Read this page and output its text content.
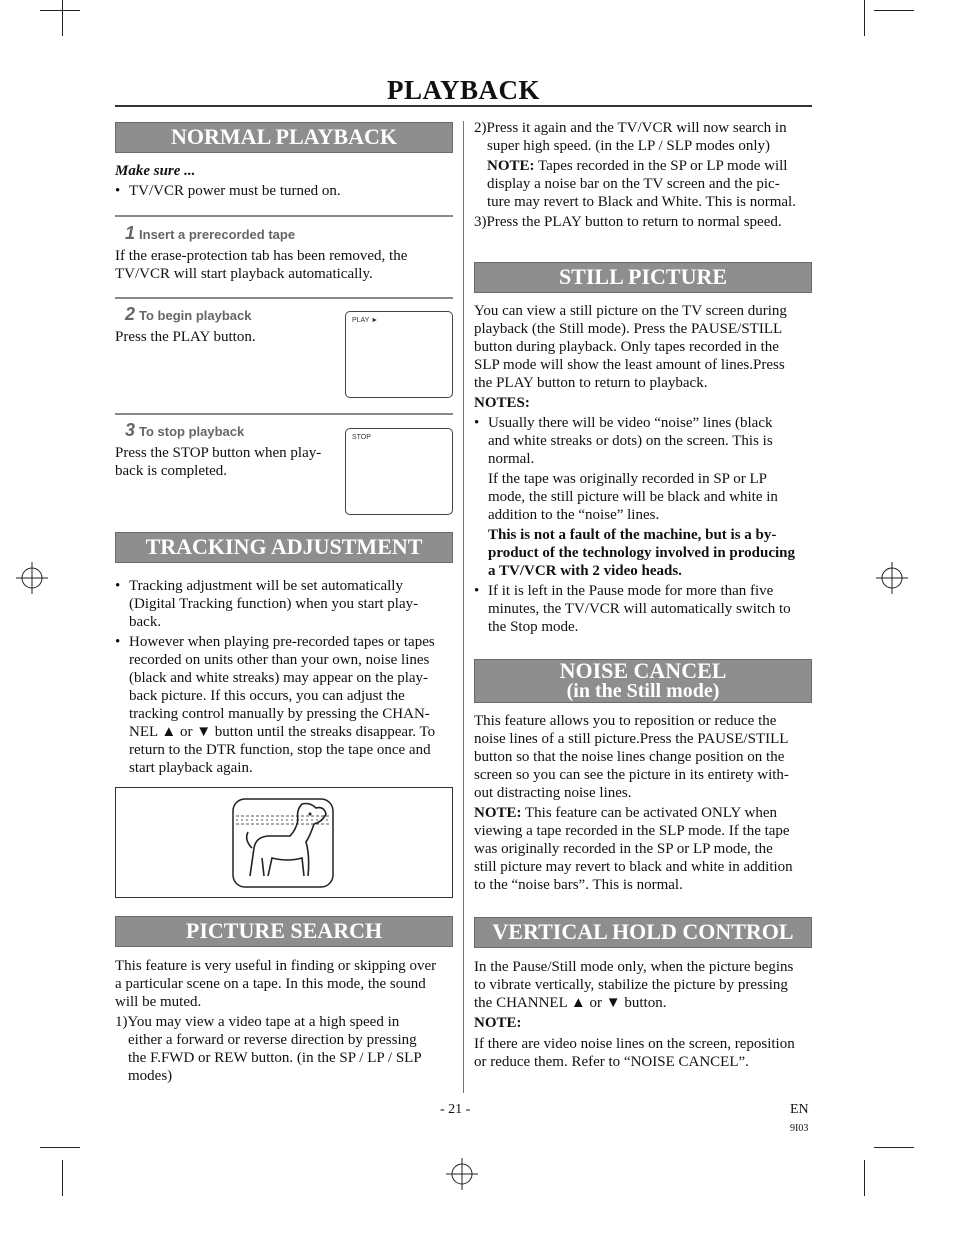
PLAYBACK
NORMAL PLAYBACK
Make sure ...
• TV/VCR power must be turned on.
1 Insert a prerecorded tape
If the erase-protection tab has been removed, the
TV/VCR will start playback automatically.
2 To begin playback
Press the PLAY button.
PLAY ►
3 To stop playback
Press the STOP button when play-
back is completed.
STOP
TRACKING ADJUSTMENT
• Tracking adjustment will be set automatically
(Digital Tracking function) when you start play-
back.
• However when playing pre-recorded tapes or tapes
recorded on units other than your own, noise lines
(black and white streaks) may appear on the play-
back picture. If this occurs, you can adjust the
tracking control manually by pressing the CHAN-
NEL ▲ or ▼ button until the streaks disappear. To
return to the DTR function, stop the tape once and
start playback again.
PICTURE SEARCH
This feature is very useful in finding or skipping over
a particular scene on a tape. In this mode, the sound
will be muted.
1)You may view a video tape at a high speed in
either a forward or reverse direction by pressing
the F.FWD or REW button. (in the SP / LP / SLP
modes)
2)Press it again and the TV/VCR will now search in
super high speed. (in the LP / SLP modes only)
NOTE: Tapes recorded in the SP or LP mode will
display a noise bar on the TV screen and the pic-
ture may revert to Black and White. This is normal.
3)Press the PLAY button to return to normal speed.
STILL PICTURE
You can view a still picture on the TV screen during
playback (the Still mode). Press the PAUSE/STILL
button during playback. Only tapes recorded in the
SLP mode will show the least amount of lines.Press
the PLAY button to return to playback.
NOTES:
• Usually there will be video “noise” lines (black
and white streaks or dots) on the screen. This is
normal.
If the tape was originally recorded in SP or LP
mode, the still picture will be black and white in
addition to the “noise” lines.
This is not a fault of the machine, but is a by-
product of the technology involved in producing
a TV/VCR with 2 video heads.
• If it is left in the Pause mode for more than five
minutes, the TV/VCR will automatically switch to
the Stop mode.
NOISE CANCEL
(in the Still mode)
This feature allows you to reposition or reduce the
noise lines of a still picture.Press the PAUSE/STILL
button so that the noise lines change position on the
screen so you can see the picture in its entirety with-
out distracting noise lines.
NOTE: This feature can be activated ONLY when
viewing a tape recorded in the SLP mode. If the tape
was originally recorded in the SP or LP mode, the
still picture may revert to black and white in addition
to the “noise bars”. This is normal.
VERTICAL HOLD CONTROL
In the Pause/Still mode only, when the picture begins
to vibrate vertically, stabilize the picture by pressing
the CHANNEL ▲ or ▼ button.
NOTE:
If there are video noise lines on the screen, reposition
or reduce them. Refer to “NOISE CANCEL”.
- 21 -	EN
9I03
